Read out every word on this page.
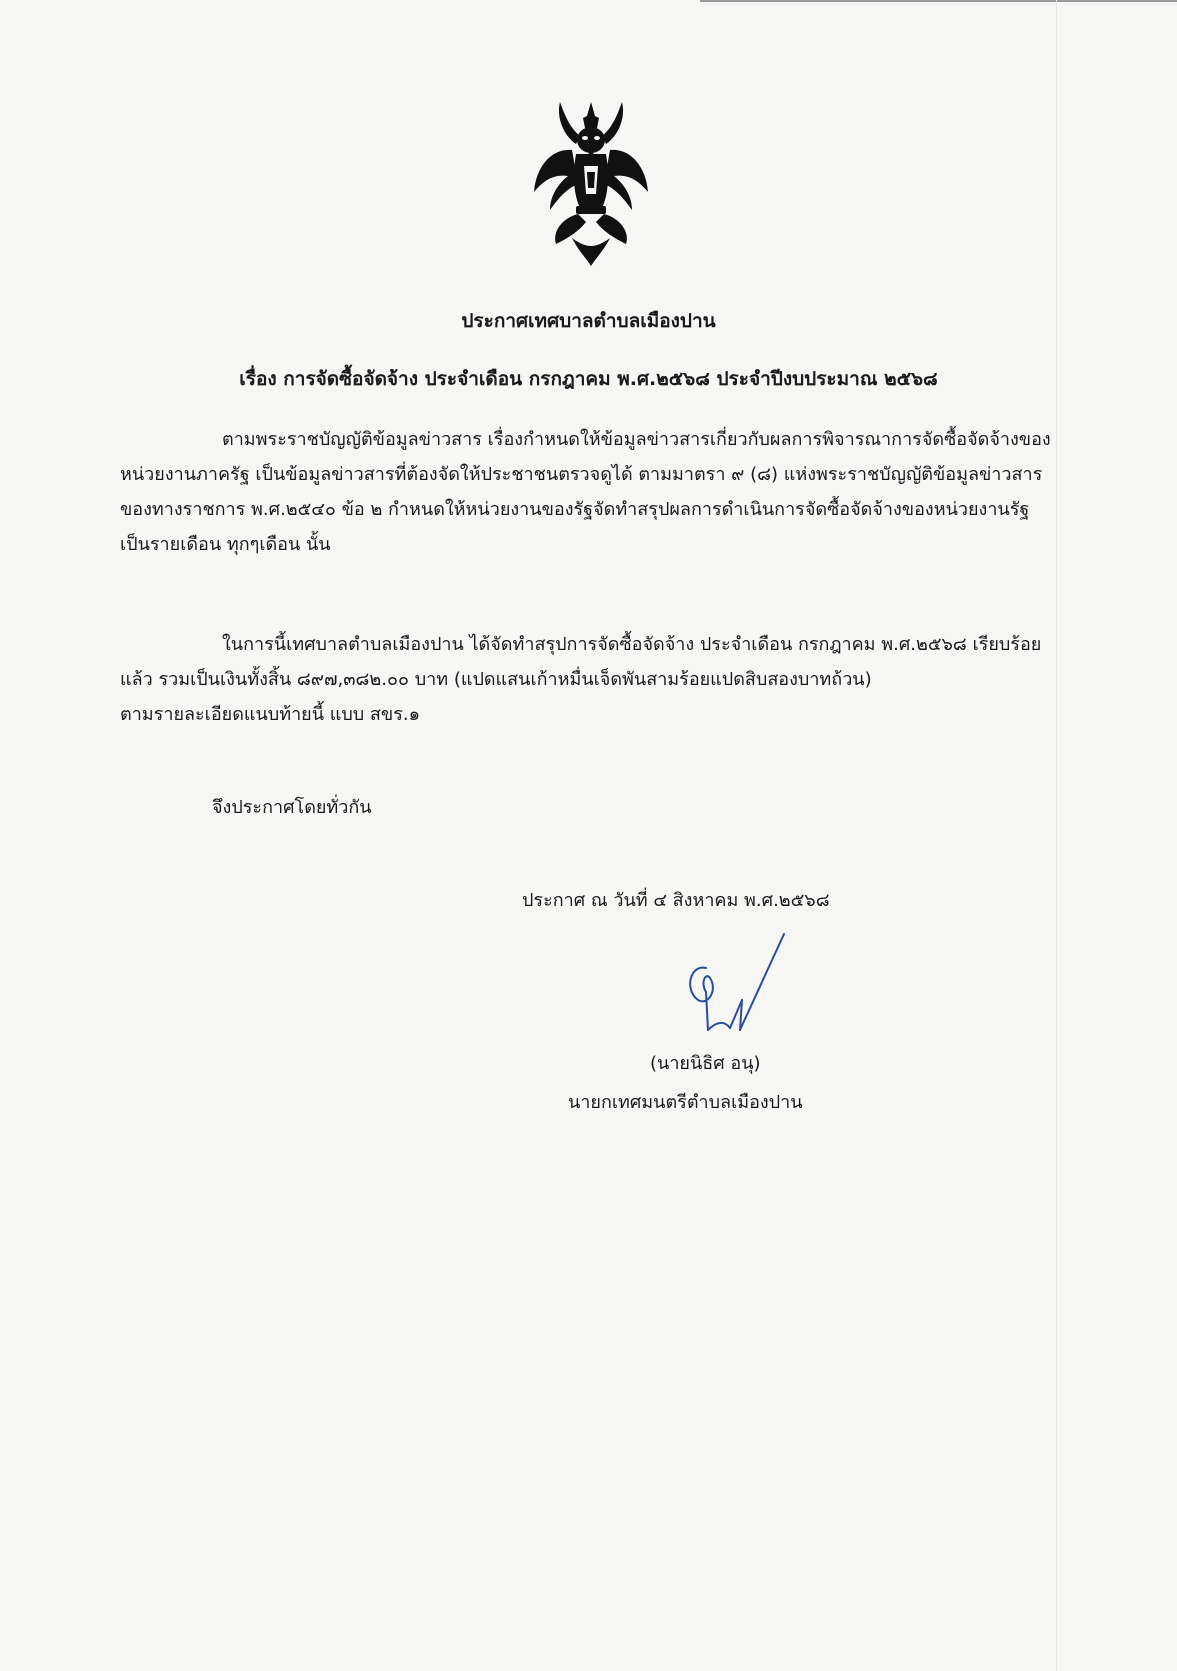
ประกาศเทศบาลตำบลเมืองปาน
เรื่อง การจัดซื้อจัดจ้าง ประจำเดือน กรกฎาคม พ.ศ.๒๕๖๘ ประจำปีงบประมาณ ๒๕๖๘
ตามพระราชบัญญัติข้อมูลข่าวสาร เรื่องกำหนดให้ข้อมูลข่าวสารเกี่ยวกับผลการพิจารณาการจัดซื้อจัดจ้างของ
หน่วยงานภาครัฐ เป็นข้อมูลข่าวสารที่ต้องจัดให้ประชาชนตรวจดูได้ ตามมาตรา ๙ (๘) แห่งพระราชบัญญัติข้อมูลข่าวสาร
ของทางราชการ พ.ศ.๒๕๔๐ ข้อ ๒ กำหนดให้หน่วยงานของรัฐจัดทำสรุปผลการดำเนินการจัดซื้อจัดจ้างของหน่วยงานรัฐ
เป็นรายเดือน ทุกๆเดือน นั้น
ในการนี้เทศบาลตำบลเมืองปาน ได้จัดทำสรุปการจัดซื้อจัดจ้าง ประจำเดือน กรกฎาคม พ.ศ.๒๕๖๘ เรียบร้อย
แล้ว รวมเป็นเงินทั้งสิ้น ๘๙๗,๓๘๒.๐๐ บาท (แปดแสนเก้าหมื่นเจ็ดพันสามร้อยแปดสิบสองบาทถ้วน)
ตามรายละเอียดแนบท้ายนี้ แบบ สขร.๑
จึงประกาศโดยทั่วกัน
ประกาศ ณ วันที่ ๔ สิงหาคม พ.ศ.๒๕๖๘
(นายนิธิศ อนุ)
นายกเทศมนตรีตำบลเมืองปาน
